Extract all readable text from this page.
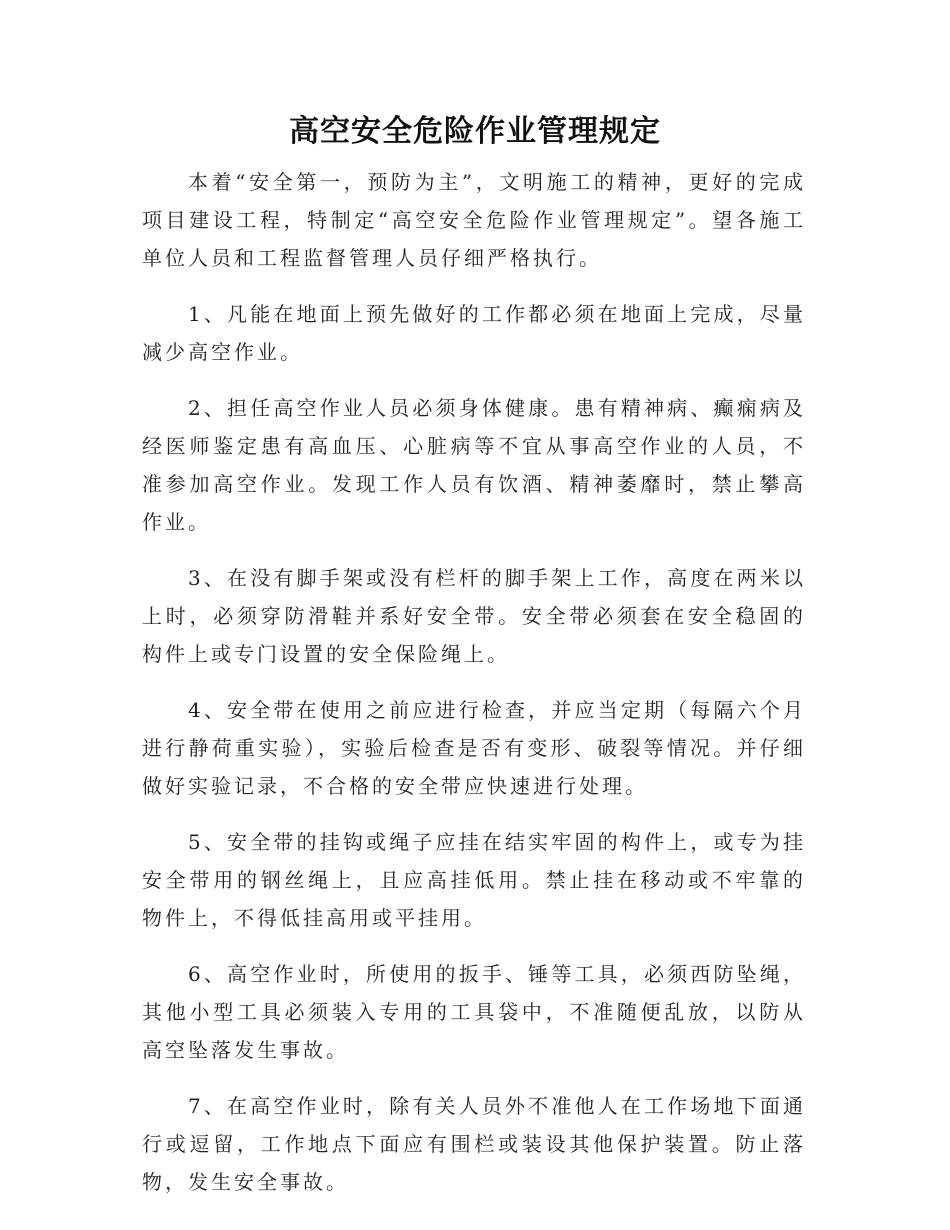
高空安全危险作业管理规定

本着“安全第一，预防为主”，文明施工的精神，更好的完成项目建设工程，特制定“高空安全危险作业管理规定”。望各施工单位人员和工程监督管理人员仔细严格执行。

1、凡能在地面上预先做好的工作都必须在地面上完成，尽量减少高空作业。

2、担任高空作业人员必须身体健康。患有精神病、癫痫病及经医师鉴定患有高血压、心脏病等不宜从事高空作业的人员，不准参加高空作业。发现工作人员有饮酒、精神萎靡时，禁止攀高作业。

3、在没有脚手架或没有栏杆的脚手架上工作，高度在两米以上时，必须穿防滑鞋并系好安全带。安全带必须套在安全稳固的构件上或专门设置的安全保险绳上。

4、安全带在使用之前应进行检查，并应当定期（每隔六个月进行静荷重实验），实验后检查是否有变形、破裂等情况。并仔细做好实验记录，不合格的安全带应快速进行处理。

5、安全带的挂钩或绳子应挂在结实牢固的构件上，或专为挂安全带用的钢丝绳上，且应高挂低用。禁止挂在移动或不牢靠的物件上，不得低挂高用或平挂用。

6、高空作业时，所使用的扳手、锤等工具，必须西防坠绳，其他小型工具必须装入专用的工具袋中，不准随便乱放，以防从高空坠落发生事故。

7、在高空作业时，除有关人员外不准他人在工作场地下面通行或逗留，工作地点下面应有围栏或装设其他保护装置。防止落物，发生安全事故。
